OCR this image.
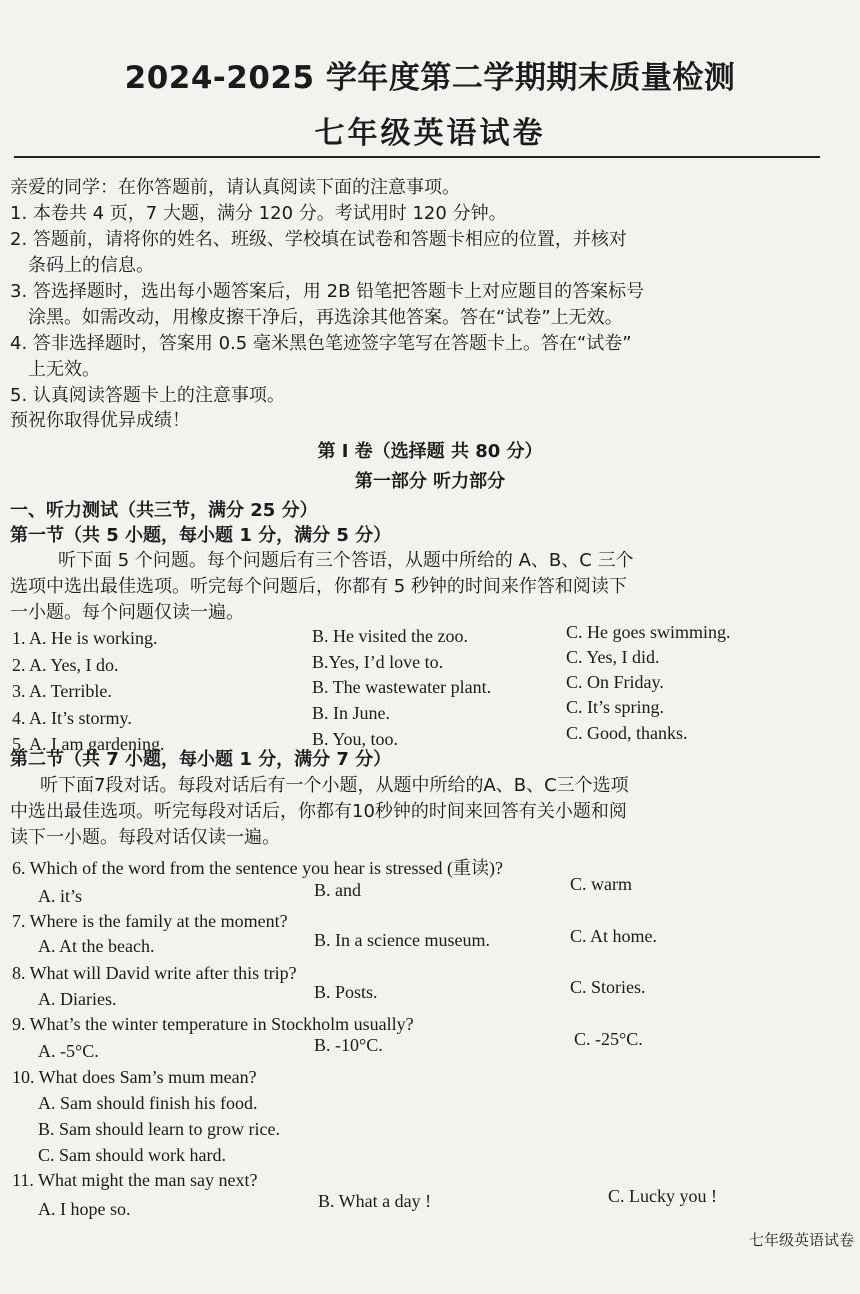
2024-2025 学年度第二学期期末质量检测
七年级英语试卷
亲爱的同学：在你答题前，请认真阅读下面的注意事项。
1. 本卷共 4 页，7 大题，满分 120 分。考试用时 120 分钟。
2. 答题前，请将你的姓名、班级、学校填在试卷和答题卡相应的位置，并核对
条码上的信息。
3. 答选择题时，选出每小题答案后，用 2B 铅笔把答题卡上对应题目的答案标号
涂黑。如需改动，用橡皮擦干净后，再选涂其他答案。答在“试卷”上无效。
4. 答非选择题时，答案用 0.5 毫米黑色笔迹签字笔写在答题卡上。答在“试卷”
上无效。
5. 认真阅读答题卡上的注意事项。
预祝你取得优异成绩！
第 I 卷（选择题 共 80 分）
第一部分 听力部分
一、听力测试（共三节，满分 25 分）
第一节（共 5 小题，每小题 1 分，满分 5 分）
听下面 5 个问题。每个问题后有三个答语，从题中所给的 A、B、C 三个
选项中选出最佳选项。听完每个问题后，你都有 5 秒钟的时间来作答和阅读下
一小题。每个问题仅读一遍。
1. A. He is working.	B. He visited the zoo.	C. He goes swimming.
2. A. Yes, I do.	B.Yes, I’d love to.	C. Yes, I did.
3. A. Terrible.	B. The wastewater plant.	C. On Friday.
4. A. It’s stormy.	B. In June.	C. It’s spring.
5. A. I am gardening.	B. You, too.	C. Good, thanks.
第二节（共 7 小题，每小题 1 分，满分 7 分）
听下面7段对话。每段对话后有一个小题，从题中所给的A、B、C三个选项
中选出最佳选项。听完每段对话后，你都有10秒钟的时间来回答有关小题和阅
读下一小题。每段对话仅读一遍。
6. Which of the word from the sentence you hear is stressed (重读)?
A. it’s	B. and	C. warm
7. Where is the family at the moment?
A. At the beach.	B. In a science museum.	C. At home.
8. What will David write after this trip?
A. Diaries.	B. Posts.	C. Stories.
9. What’s the winter temperature in Stockholm usually?
A. -5°C.	B. -10°C.	C. -25°C.
10. What does Sam’s mum mean?
A. Sam should finish his food.
B. Sam should learn to grow rice.
C. Sam should work hard.
11. What might the man say next?
A. I hope so.	B. What a day !	C. Lucky you !
七年级英语试卷
